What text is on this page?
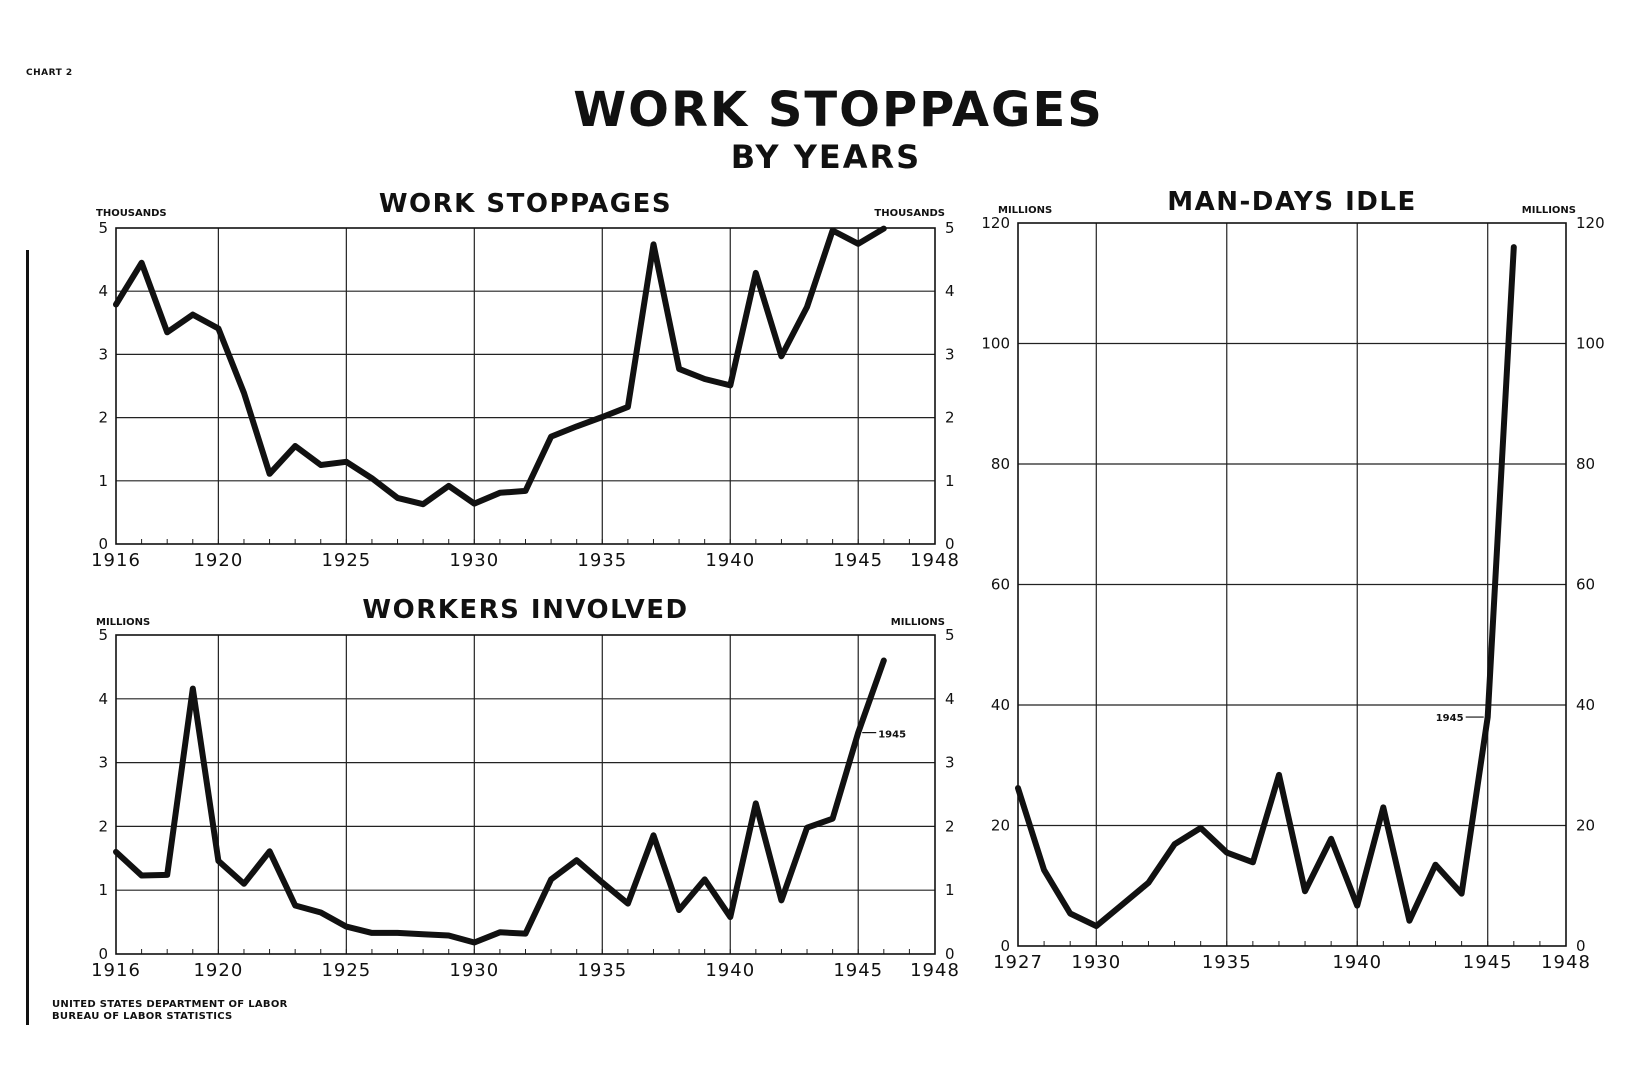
CHART 2
WORK STOPPAGES
BY YEARS
0	0
1	1
2	2
3	3
4	4
5	5
1916	1920	1925	1930	1935	1940	1945 1948
WORK STOPPAGES
THOUSANDS	THOUSANDS
0	0
1	1
2	2
3	3
4	4
5	5
1916	1920	1925	1930	1935	1940	1945 1948
WORKERS INVOLVED
MILLIONS	MILLIONS
1945
0	0
20	20
40	40
60	60
80	80
100	100
120	120
1927 1930	1935	1940	1945 1948
MAN-DAYS IDLE
MILLIONS	MILLIONS
1945
UNITED STATES DEPARTMENT OF LABOR
BUREAU OF LABOR STATISTICS
